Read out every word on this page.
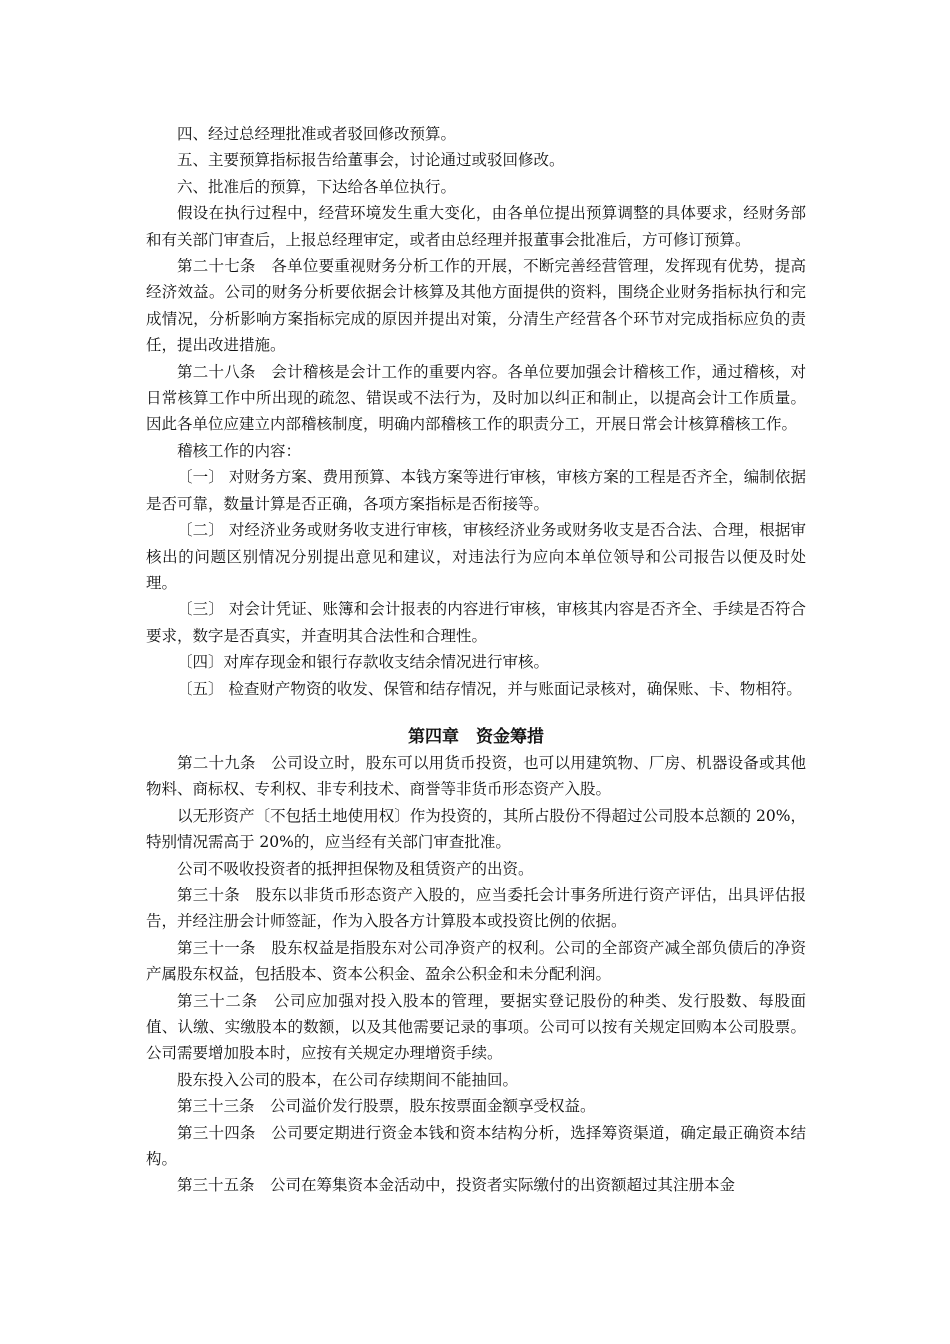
四、经过总经理批准或者驳回修改预算。

五、主要预算指标报告给董事会，讨论通过或驳回修改。

六、批准后的预算，下达给各单位执行。

假设在执行过程中，经营环境发生重大变化，由各单位提出预算调整的具体要求，经财务部和有关部门审查后，上报总经理审定，或者由总经理并报董事会批准后，方可修订预算。

第二十七条　各单位要重视财务分析工作的开展，不断完善经营管理，发挥现有优势，提高经济效益。公司的财务分析要依据会计核算及其他方面提供的资料，围绕企业财务指标执行和完成情况，分析影响方案指标完成的原因并提出对策，分清生产经营各个环节对完成指标应负的责任，提出改进措施。

第二十八条　会计稽核是会计工作的重要内容。各单位要加强会计稽核工作，通过稽核，对日常核算工作中所出现的疏忽、错误或不法行为，及时加以纠正和制止，以提高会计工作质量。因此各单位应建立内部稽核制度，明确内部稽核工作的职责分工，开展日常会计核算稽核工作。

稽核工作的内容：

〔一〕 对财务方案、费用预算、本钱方案等进行审核，审核方案的工程是否齐全，编制依据是否可靠，数量计算是否正确，各项方案指标是否衔接等。

〔二〕 对经济业务或财务收支进行审核，审核经济业务或财务收支是否合法、合理，根据审核出的问题区别情况分别提出意见和建议，对违法行为应向本单位领导和公司报告以便及时处理。

〔三〕 对会计凭证、账簿和会计报表的内容进行审核，审核其内容是否齐全、手续是否符合要求，数字是否真实，并查明其合法性和合理性。

〔四〕对库存现金和银行存款收支结余情况进行审核。

〔五〕 检查财产物资的收发、保管和结存情况，并与账面记录核对，确保账、卡、物相符。

第四章　资金筹措

第二十九条　公司设立时，股东可以用货币投资，也可以用建筑物、厂房、机器设备或其他物料、商标权、专利权、非专利技术、商誉等非货币形态资产入股。

以无形资产〔不包括土地使用权〕作为投资的，其所占股份不得超过公司股本总额的 20%，特别情况需高于 20%的，应当经有关部门审查批准。

公司不吸收投资者的抵押担保物及租赁资产的出资。

第三十条　股东以非货币形态资产入股的，应当委托会计事务所进行资产评估，出具评估报告，并经注册会计师签証，作为入股各方计算股本或投资比例的依据。

第三十一条　股东权益是指股东对公司净资产的权利。公司的全部资产减全部负债后的净资产属股东权益，包括股本、资本公积金、盈余公积金和未分配利润。

第三十二条　公司应加强对投入股本的管理，要据实登记股份的种类、发行股数、每股面值、认缴、实缴股本的数额，以及其他需要记录的事项。公司可以按有关规定回购本公司股票。公司需要增加股本时，应按有关规定办理增资手续。

股东投入公司的股本，在公司存续期间不能抽回。

第三十三条　公司溢价发行股票，股东按票面金额享受权益。

第三十四条　公司要定期进行资金本钱和资本结构分析，选择筹资渠道，确定最正确资本结构。

第三十五条　公司在筹集资本金活动中，投资者实际缴付的出资额超过其注册本金
